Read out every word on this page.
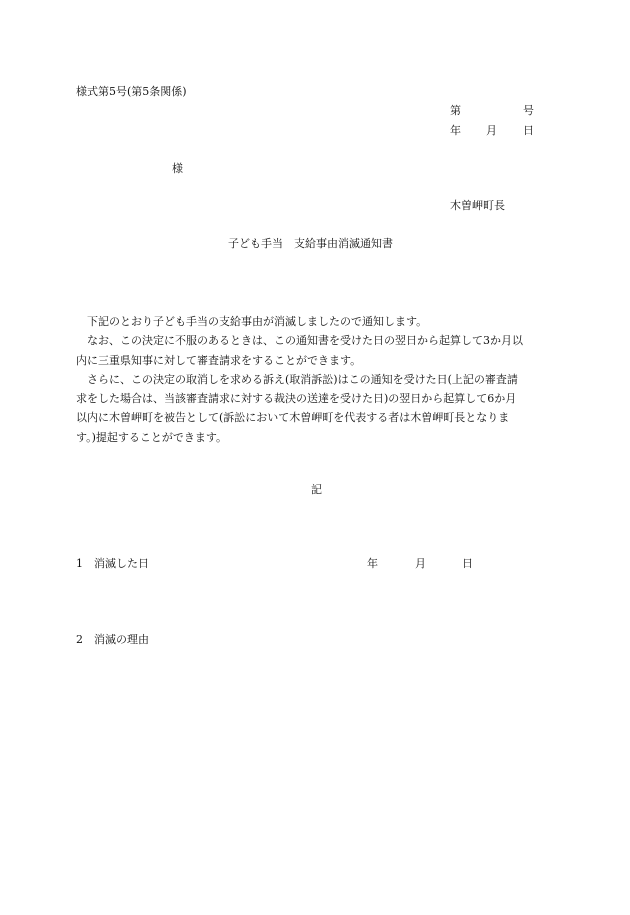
様式第5号(第5条関係)
第	号
年 月 日
様
木曽岬町長
子ども手当　支給事由消滅通知書

下記のとおり子ども手当の支給事由が消滅しましたので通知します。

なお、この決定に不服のあるときは、この通知書を受けた日の翌日から起算して3か月以

内に三重県知事に対して審査請求をすることができます。

さらに、この決定の取消しを求める訴え(取消訴訟)はこの通知を受けた日(上記の審査請

求をした場合は、当該審査請求に対する裁決の送達を受けた日)の翌日から起算して6か月

以内に木曽岬町を被告として(訴訟において木曽岬町を代表する者は木曽岬町長となりま

す。)提起することができます。

記
1　消滅した日	年	月	日
2　消滅の理由
